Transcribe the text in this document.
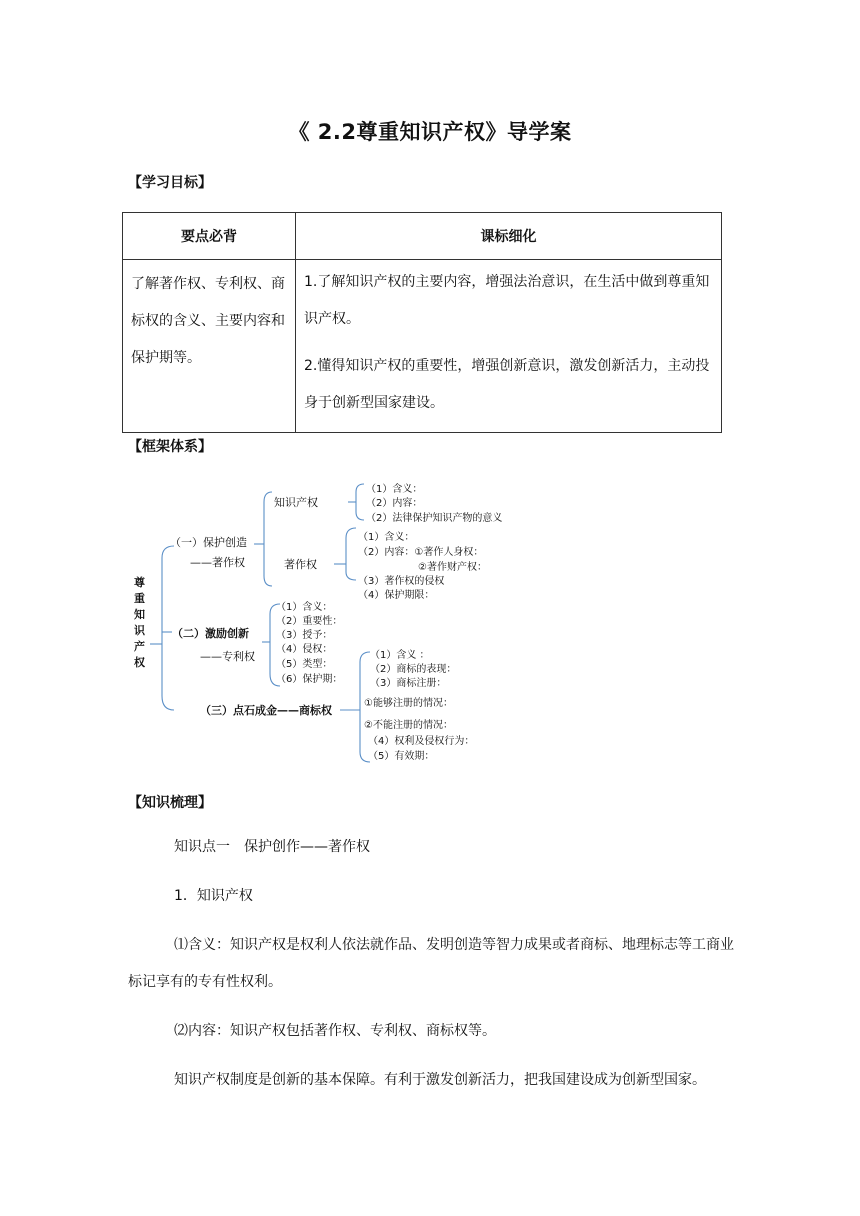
《 2.2尊重知识产权》导学案
【学习目标】
要点必背	课标细化

了解著作权、专利权、商标权的含义、主要内容和保护期等。	1.了解知识产权的主要内容，增强法治意识，在生活中做到尊重知识产权。

2.懂得知识产权的重要性，增强创新意识，激发创新活力，主动投身于创新型国家建设。

【框架体系】
尊
重
知
识
产
权
（一）保护创造
——著作权
知识产权
（1）含义：
（2）内容：
（2）法律保护知识产物的意义
著作权
（1）含义：
（2）内容：①著作人身权：
②著作财产权：
（3）著作权的侵权
（4）保护期限：
（二）激励创新
——专利权
（1）含义：
（2）重要性：
（3）授予：
（4）侵权：
（5）类型：
（6）保护期：
（三）点石成金——商标权
（1）含义 ：
（2）商标的表现：
（3）商标注册：
①能够注册的情况：
②不能注册的情况：
（4）权利及侵权行为：
（5）有效期：
【知识梳理】

知识点一　保护创作——著作权

1．知识产权

⑴含义：知识产权是权利人依法就作品、发明创造等智力成果或者商标、地理标志等工商业标记享有的专有性权利。

⑵内容：知识产权包括著作权、专利权、商标权等。

知识产权制度是创新的基本保障。有利于激发创新活力，把我国建设成为创新型国家。
